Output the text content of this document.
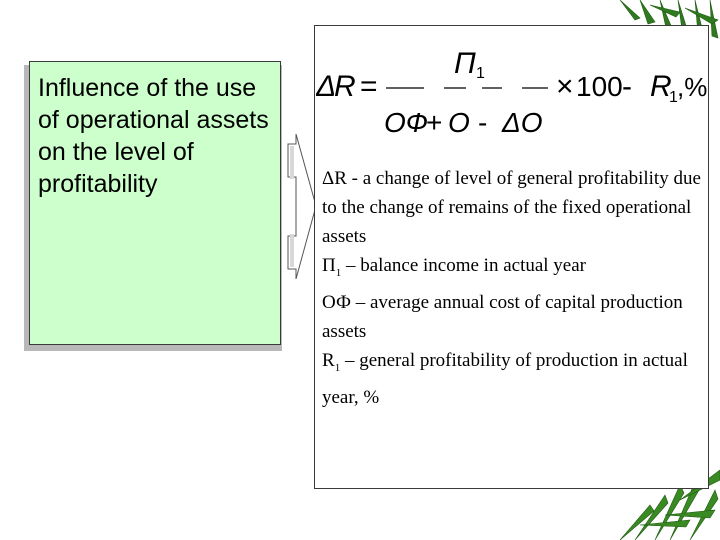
Influence of the use of operational assets on the level of profitability

Δ
R =
П 1
ОФ
+ О - ΔО
× 100 - R
1 ,%

ΔR - a change of level of general profitability due to the change of remains of the fixed operational assets

$П_1$ – balance income in actual year

ОФ – average annual cost of capital production assets

$R_1$ – general profitability of production in actual year, %
